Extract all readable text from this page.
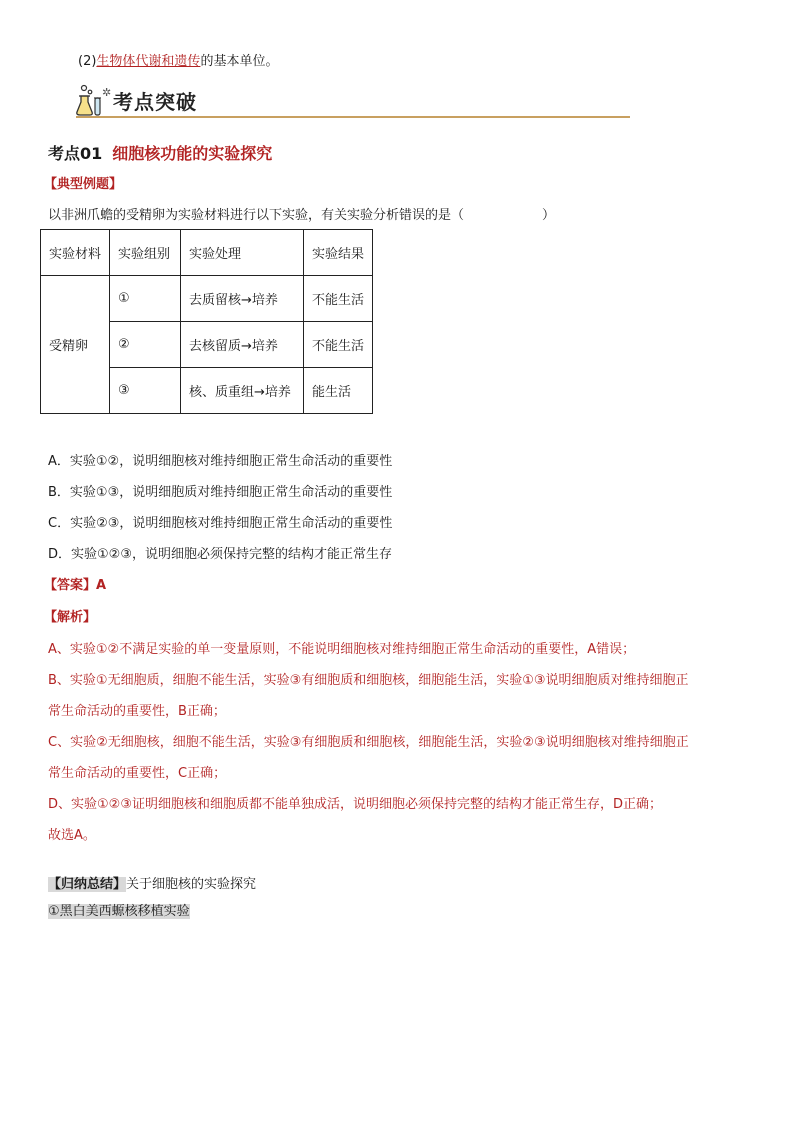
(2)生物体代谢和遗传的基本单位。
✲ 考点突破
考点01 细胞核功能的实验探究
【典型例题】
以非洲爪蟾的受精卵为实验材料进行以下实验，有关实验分析错误的是（　　　　　　）
实验材料	实验组别	实验处理	实验结果
受精卵	①	去质留核→培养	不能生活
	②	去核留质→培养	不能生活
	③	核、质重组→培养	能生活
A．实验①②，说明细胞核对维持细胞正常生命活动的重要性
B．实验①③，说明细胞质对维持细胞正常生命活动的重要性
C．实验②③，说明细胞核对维持细胞正常生命活动的重要性
D．实验①②③，说明细胞必须保持完整的结构才能正常生存
【答案】A
【解析】
A、实验①②不满足实验的单一变量原则，不能说明细胞核对维持细胞正常生命活动的重要性，A错误；
B、实验①无细胞质，细胞不能生活，实验③有细胞质和细胞核，细胞能生活，实验①③说明细胞质对维持细胞正
常生命活动的重要性，B正确；
C、实验②无细胞核，细胞不能生活，实验③有细胞质和细胞核，细胞能生活，实验②③说明细胞核对维持细胞正
常生命活动的重要性，C正确；
D、实验①②③证明细胞核和细胞质都不能单独成活，说明细胞必须保持完整的结构才能正常生存，D正确；
故选A。
【归纳总结】关于细胞核的实验探究
①黑白美西螈核移植实验
